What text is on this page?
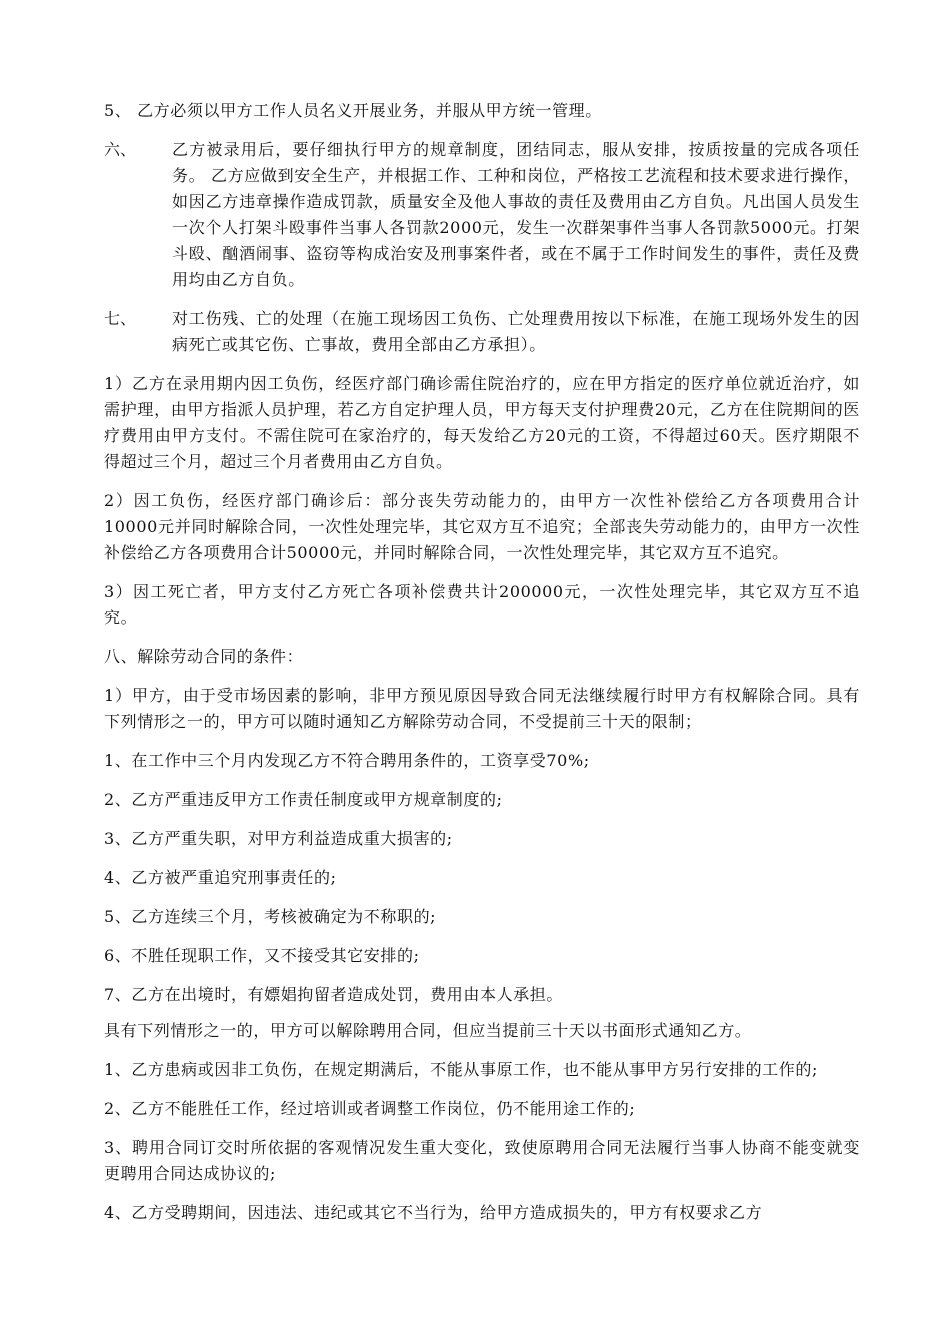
5、 乙方必须以甲方工作人员名义开展业务，并服从甲方统一管理。

六、	乙方被录用后，要仔细执行甲方的规章制度，团结同志，服从安排，按质按量的完成各项任务。 乙方应做到安全生产，并根据工作、工种和岗位，严格按工艺流程和技术要求进行操作，如因乙方违章操作造成罚款，质量安全及他人事故的责任及费用由乙方自负。凡出国人员发生一次个人打架斗殴事件当事人各罚款2000元，发生一次群架事件当事人各罚款5000元。打架斗殴、酗酒闹事、盗窃等构成治安及刑事案件者，或在不属于工作时间发生的事件，责任及费用均由乙方自负。

七、	对工伤残、亡的处理（在施工现场因工负伤、亡处理费用按以下标准，在施工现场外发生的因病死亡或其它伤、亡事故，费用全部由乙方承担）。

1）乙方在录用期内因工负伤，经医疗部门确诊需住院治疗的，应在甲方指定的医疗单位就近治疗，如需护理，由甲方指派人员护理，若乙方自定护理人员，甲方每天支付护理费20元，乙方在住院期间的医疗费用由甲方支付。不需住院可在家治疗的，每天发给乙方20元的工资，不得超过60天。医疗期限不得超过三个月，超过三个月者费用由乙方自负。

2）因工负伤，经医疗部门确诊后：部分丧失劳动能力的，由甲方一次性补偿给乙方各项费用合计10000元并同时解除合同，一次性处理完毕，其它双方互不追究；全部丧失劳动能力的，由甲方一次性补偿给乙方各项费用合计50000元，并同时解除合同，一次性处理完毕，其它双方互不追究。

3）因工死亡者，甲方支付乙方死亡各项补偿费共计200000元，一次性处理完毕，其它双方互不追究。

八、解除劳动合同的条件：

1）甲方，由于受市场因素的影响，非甲方预见原因导致合同无法继续履行时甲方有权解除合同。具有下列情形之一的，甲方可以随时通知乙方解除劳动合同，不受提前三十天的限制；

1、在工作中三个月内发现乙方不符合聘用条件的，工资享受70%;

2、乙方严重违反甲方工作责任制度或甲方规章制度的;

3、乙方严重失职，对甲方利益造成重大损害的;

4、乙方被严重追究刑事责任的;

5、乙方连续三个月，考核被确定为不称职的;

6、不胜任现职工作，又不接受其它安排的;

7、乙方在出境时，有嫖娼拘留者造成处罚，费用由本人承担。

具有下列情形之一的，甲方可以解除聘用合同，但应当提前三十天以书面形式通知乙方。

1、乙方患病或因非工负伤，在规定期满后，不能从事原工作，也不能从事甲方另行安排的工作的;

2、乙方不能胜任工作，经过培训或者调整工作岗位，仍不能用途工作的;

3、聘用合同订交时所依据的客观情况发生重大变化，致使原聘用合同无法履行当事人协商不能变就变更聘用合同达成协议的;

4、乙方受聘期间，因违法、违纪或其它不当行为，给甲方造成损失的，甲方有权要求乙方
